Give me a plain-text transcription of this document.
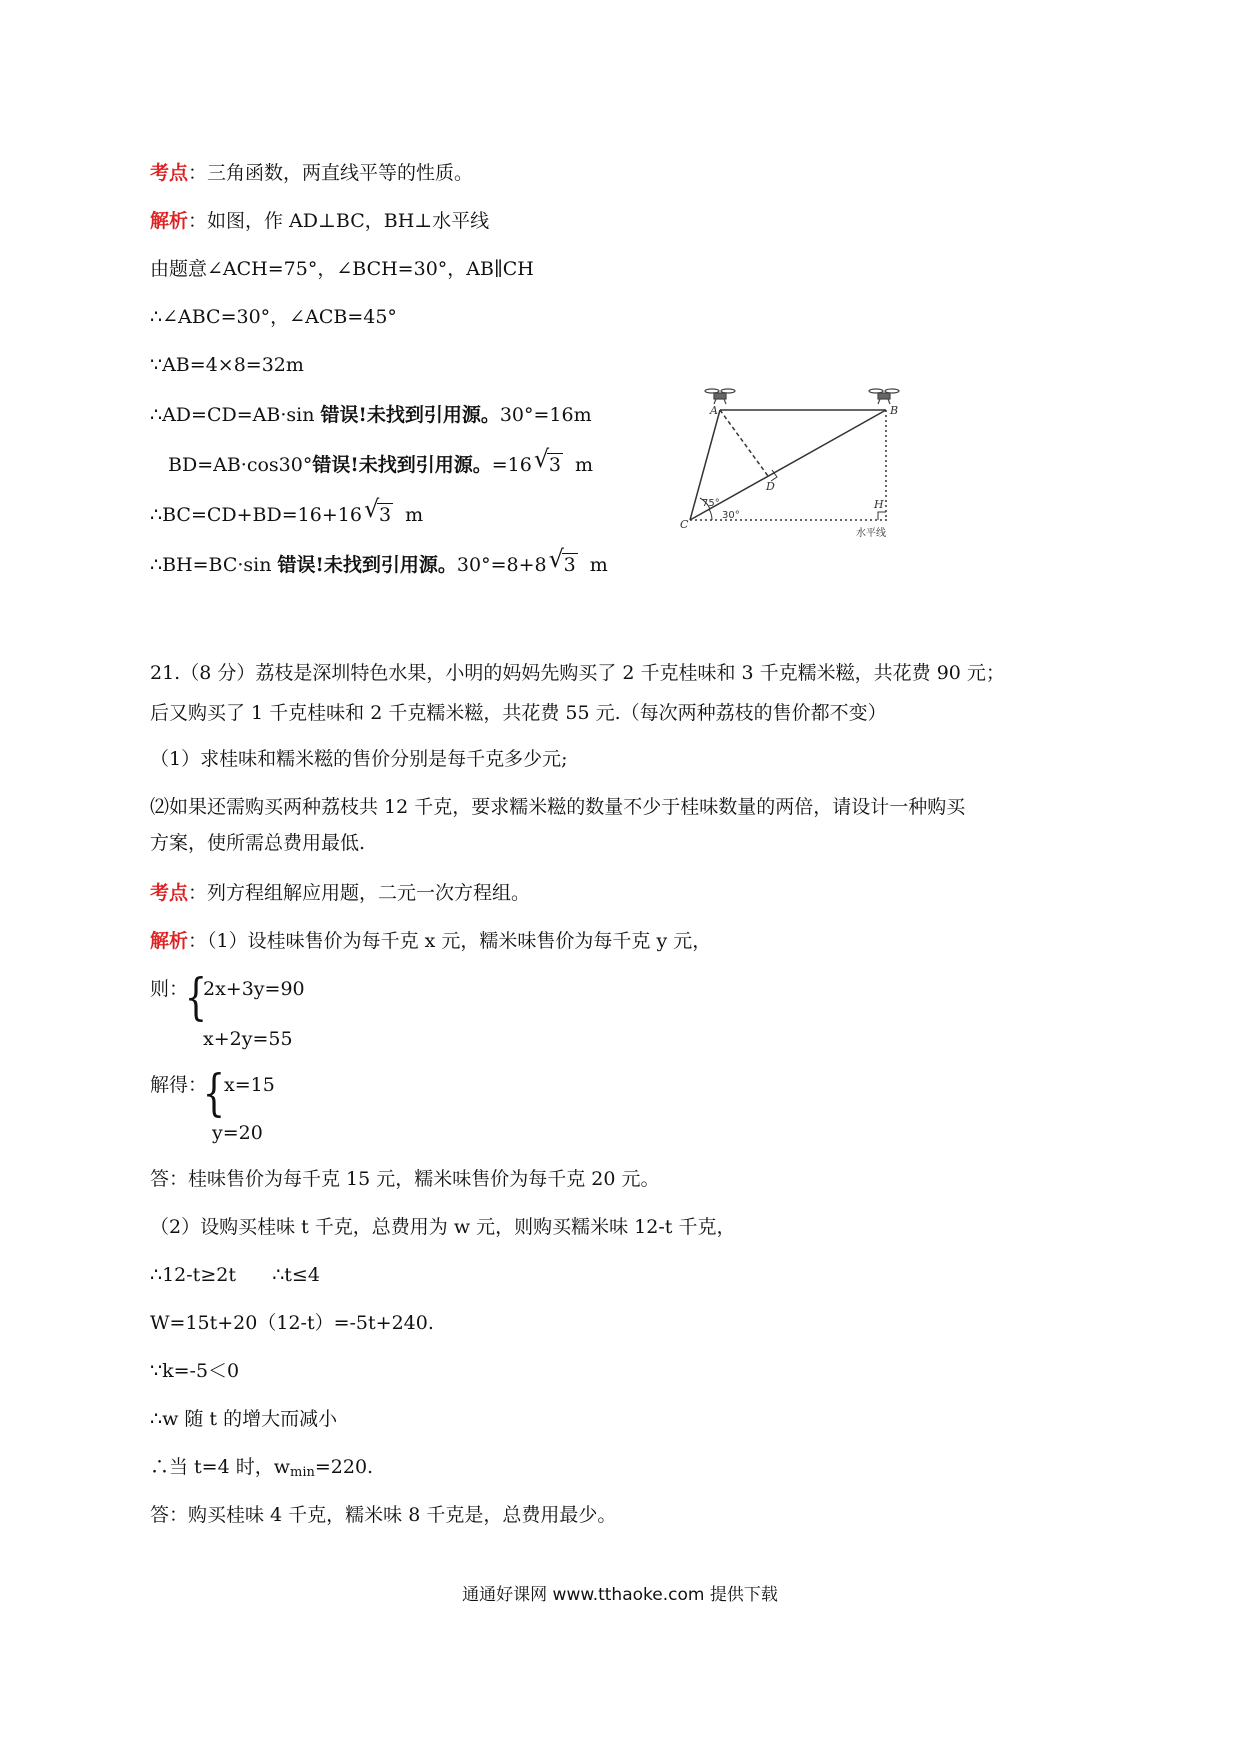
考点：三角函数，两直线平等的性质。
解析：如图，作 AD⊥BC，BH⊥水平线
由题意∠ACH=75°，∠BCH=30°，AB∥CH
∴∠ABC=30°，∠ACB=45°
∵AB=4×8=32m
∴AD=CD=AB·sin 错误!未找到引用源。30°=16m
BD=AB·cos30°错误!未找到引用源。=16 √ 3 m
∴BC=CD+BD=16+16 √ 3 m
∴BH=BC·sin 错误!未找到引用源。30°=8+8 √ 3 m
A	B
C
D
H
75°
30°
水平线
21.（8 分）荔枝是深圳特色水果，小明的妈妈先购买了 2 千克桂味和 3 千克糯米糍，共花费 90 元；
后又购买了 1 千克桂味和 2 千克糯米糍，共花费 55 元.（每次两种荔枝的售价都不变）
（1）求桂味和糯米糍的售价分别是每千克多少元;
⑵如果还需购买两种荔枝共 12 千克，要求糯米糍的数量不少于桂味数量的两倍，请设计一种购买
方案，使所需总费用最低.
考点：列方程组解应用题，二元一次方程组。
解析：（1）设桂味售价为每千克 x 元，糯米味售价为每千克 y 元，
则：
{
2x+3y=90
x+2y=55
解得：
{
x=15
y=20
答：桂味售价为每千克 15 元，糯米味售价为每千克 20 元。
（2）设购买桂味 t 千克，总费用为 w 元，则购买糯米味 12-t 千克，
∴12-t≥2t      ∴t≤4
W=15t+20（12-t）=-5t+240.
∵k=-5＜0
∴w 随 t 的增大而减小
∴当 t=4 时，$w_{min}=220$.
答：购买桂味 4 千克，糯米味 8 千克是，总费用最少。
通通好课网 www.tthaoke.com 提供下载
